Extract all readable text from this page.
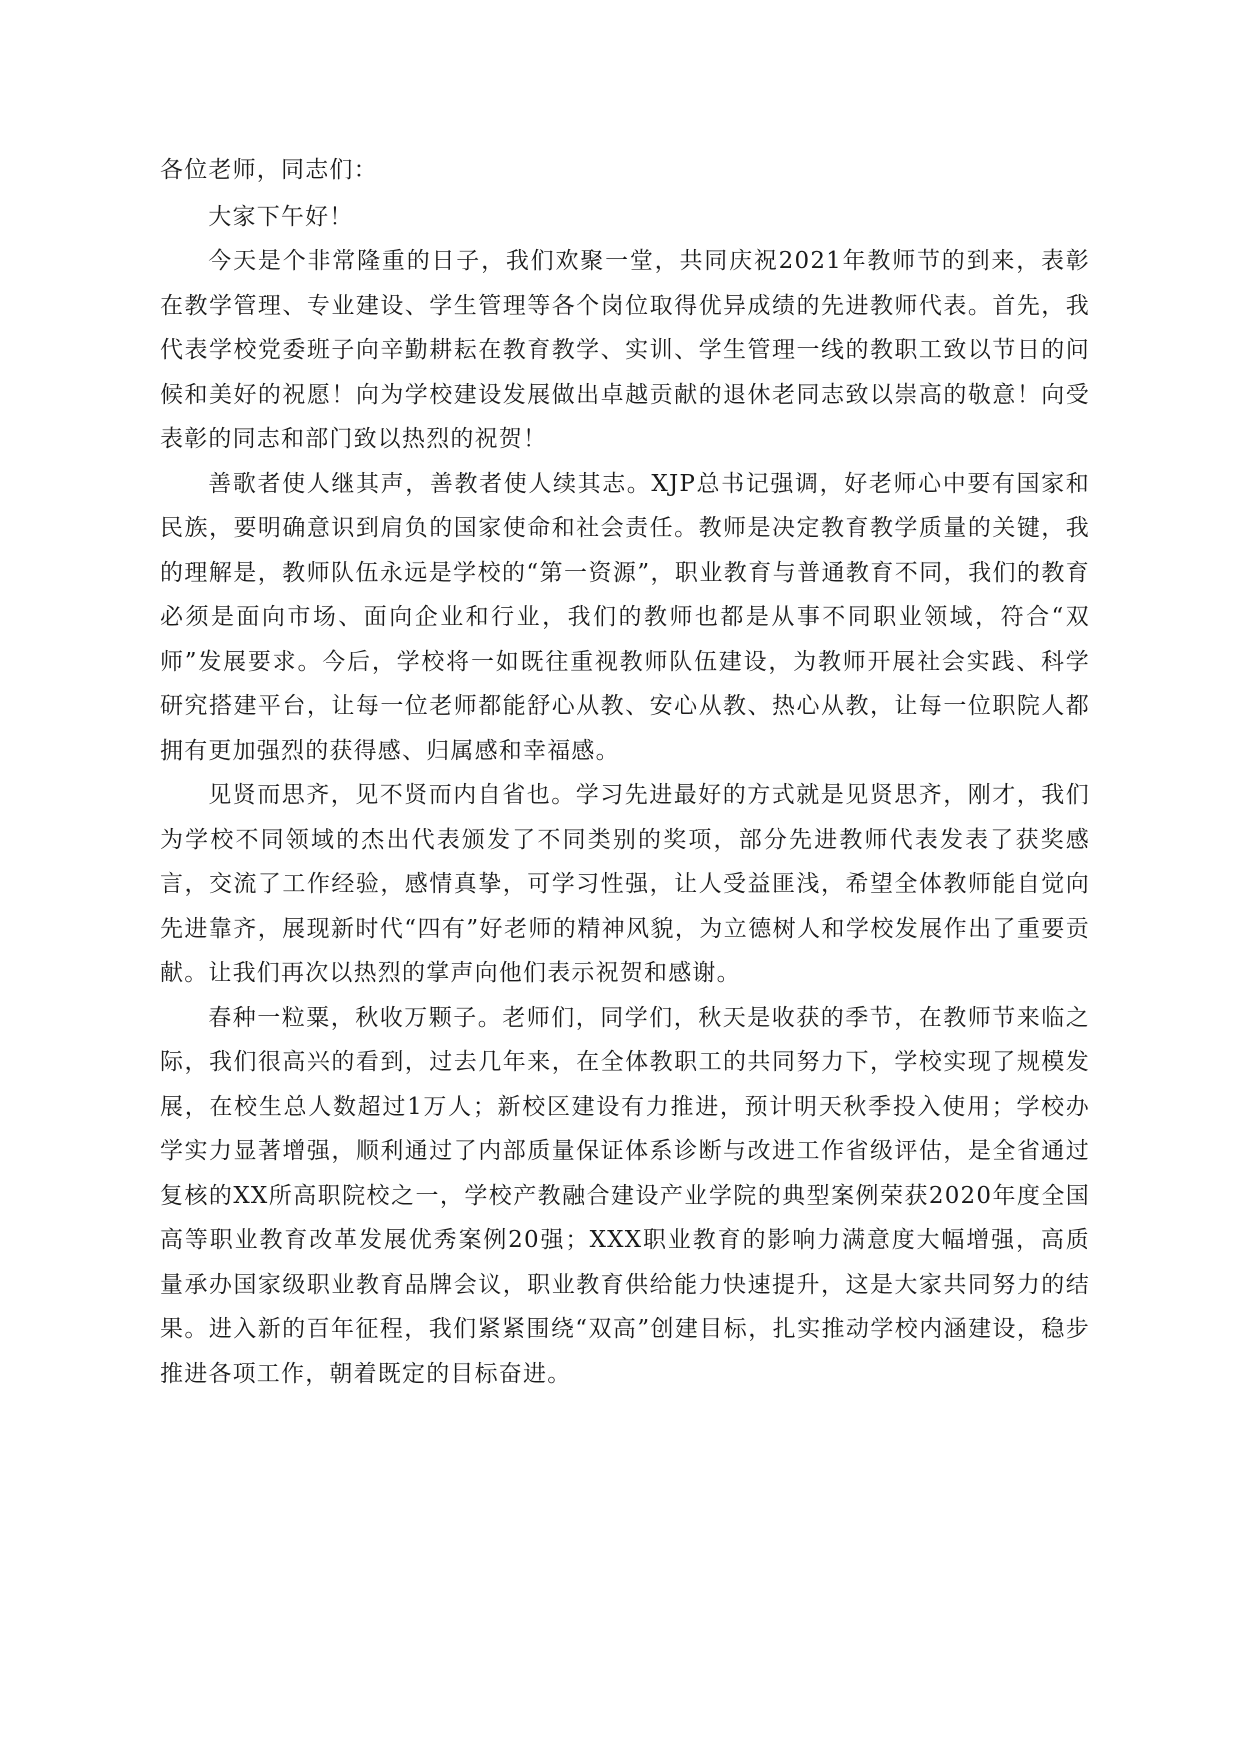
各位老师，同志们：

大家下午好！

今天是个非常隆重的日子，我们欢聚一堂，共同庆祝2021年教师节的到来，表彰在教学管理、专业建设、学生管理等各个岗位取得优异成绩的先进教师代表。首先，我代表学校党委班子向辛勤耕耘在教育教学、实训、学生管理一线的教职工致以节日的问候和美好的祝愿！向为学校建设发展做出卓越贡献的退休老同志致以崇高的敬意！向受表彰的同志和部门致以热烈的祝贺！

善歌者使人继其声，善教者使人续其志。XJP总书记强调，好老师心中要有国家和民族，要明确意识到肩负的国家使命和社会责任。教师是决定教育教学质量的关键，我的理解是，教师队伍永远是学校的“第一资源”，职业教育与普通教育不同，我们的教育必须是面向市场、面向企业和行业，我们的教师也都是从事不同职业领域，符合“双师”发展要求。今后，学校将一如既往重视教师队伍建设，为教师开展社会实践、科学研究搭建平台，让每一位老师都能舒心从教、安心从教、热心从教，让每一位职院人都拥有更加强烈的获得感、归属感和幸福感。

见贤而思齐，见不贤而内自省也。学习先进最好的方式就是见贤思齐，刚才，我们为学校不同领域的杰出代表颁发了不同类别的奖项，部分先进教师代表发表了获奖感言，交流了工作经验，感情真挚，可学习性强，让人受益匪浅，希望全体教师能自觉向先进靠齐，展现新时代“四有”好老师的精神风貌，为立德树人和学校发展作出了重要贡献。让我们再次以热烈的掌声向他们表示祝贺和感谢。

春种一粒粟，秋收万颗子。老师们，同学们，秋天是收获的季节，在教师节来临之际，我们很高兴的看到，过去几年来，在全体教职工的共同努力下，学校实现了规模发展，在校生总人数超过1万人；新校区建设有力推进，预计明天秋季投入使用；学校办学实力显著增强，顺利通过了内部质量保证体系诊断与改进工作省级评估，是全省通过复核的XX所高职院校之一，学校产教融合建设产业学院的典型案例荣获2020年度全国高等职业教育改革发展优秀案例20强；XXX职业教育的影响力满意度大幅增强，高质量承办国家级职业教育品牌会议，职业教育供给能力快速提升，这是大家共同努力的结果。进入新的百年征程，我们紧紧围绕“双高”创建目标，扎实推动学校内涵建设，稳步推进各项工作，朝着既定的目标奋进。
